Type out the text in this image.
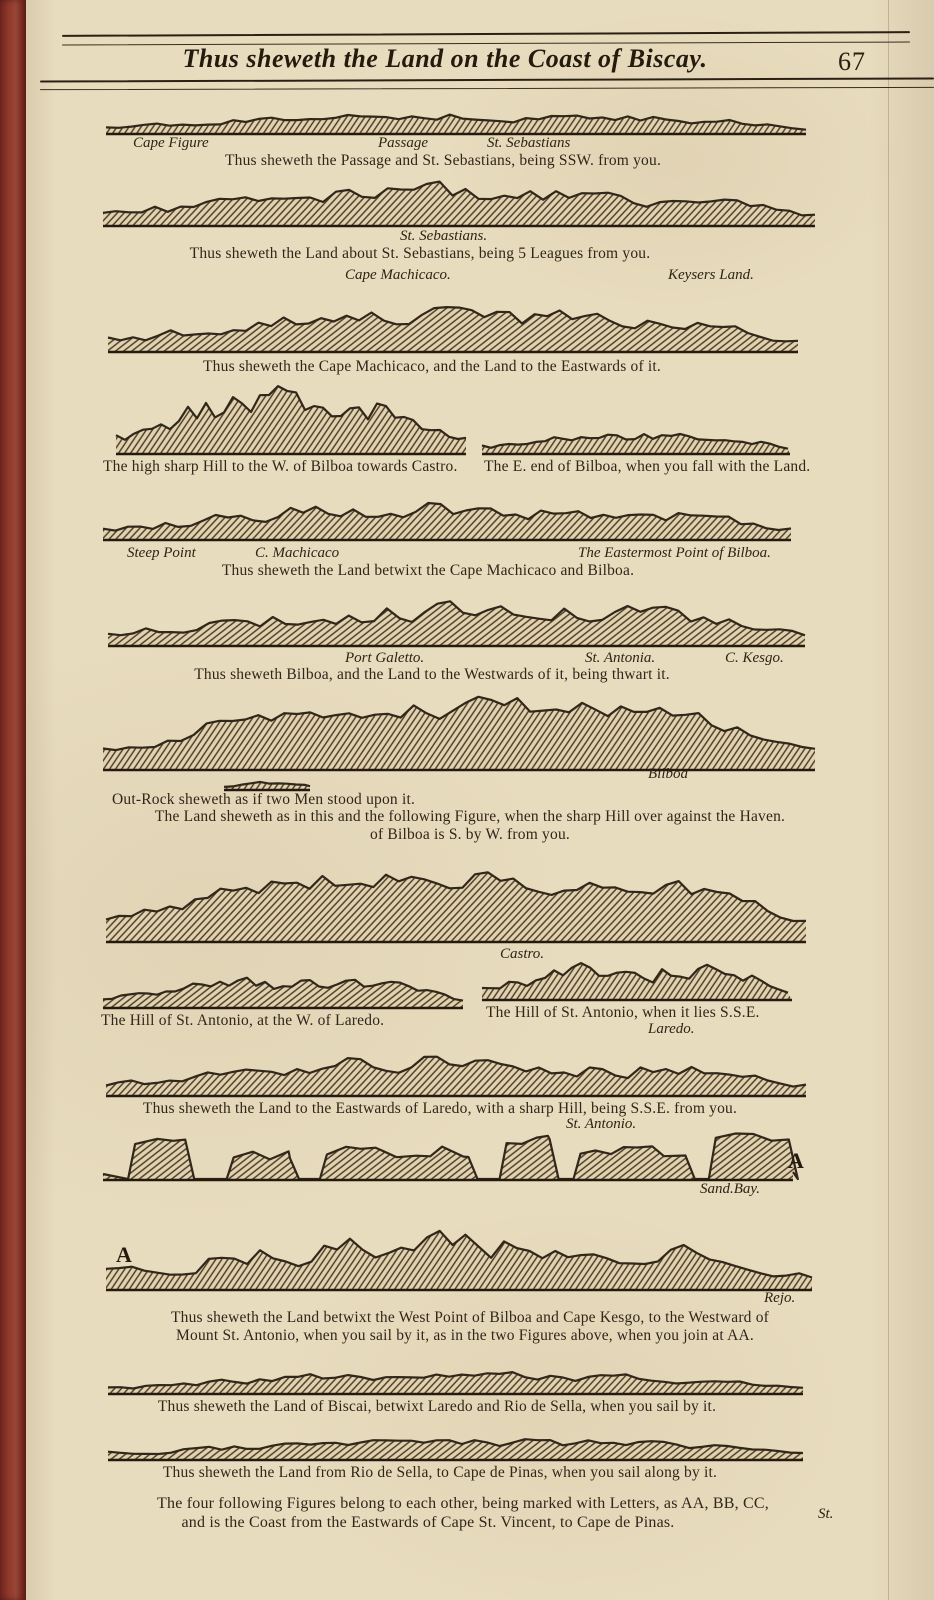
Thus sheweth the Land on the Coast of Biscay.	67
Cape Figure	Passage	St. Sebastians
Thus sheweth the Passage and St. Sebastians, being SSW. from you.
St. Sebastians.
Thus sheweth the Land about St. Sebastians, being 5 Leagues from you.
Cape Machicaco.	Keysers Land.
Thus sheweth the Cape Machicaco, and the Land to the Eastwards of it.
The high sharp Hill to the W. of Bilboa towards Castro. The E. end of Bilboa, when you fall with the Land.
Steep Point	C. Machicaco	The Eastermost Point of Bilboa.
Thus sheweth the Land betwixt the Cape Machicaco and Bilboa.
Port Galetto.	St. Antonia.	C. Kesgo.
Thus sheweth Bilboa, and the Land to the Westwards of it, being thwart it.
Bilboa
Out-Rock sheweth as if two Men stood upon it.
The Land sheweth as in this and the following Figure, when the sharp Hill over against the Haven.
of Bilboa is S. by W. from you.
Castro.
The Hill of St. Antonio, at the W. of Laredo.	Laredo.
The Hill of St. Antonio, when it lies S.S.E.
St. Antonio.
Thus sheweth the Land to the Eastwards of Laredo, with a sharp Hill, being S.S.E. from you.
Sand.Bay.
A
Rejo.
A
Thus sheweth the Land betwixt the West Point of Bilboa and Cape Kesgo, to the Westward of
Mount St. Antonio, when you sail by it, as in the two Figures above, when you join at AA.
Thus sheweth the Land of Biscai, betwixt Laredo and Rio de Sella, when you sail by it.
Thus sheweth the Land from Rio de Sella, to Cape de Pinas, when you sail along by it.
The four following Figures belong to each other, being marked with Letters, as AA, BB, CC,
and is the Coast from the Eastwards of Cape St. Vincent, to Cape de Pinas.	St.
